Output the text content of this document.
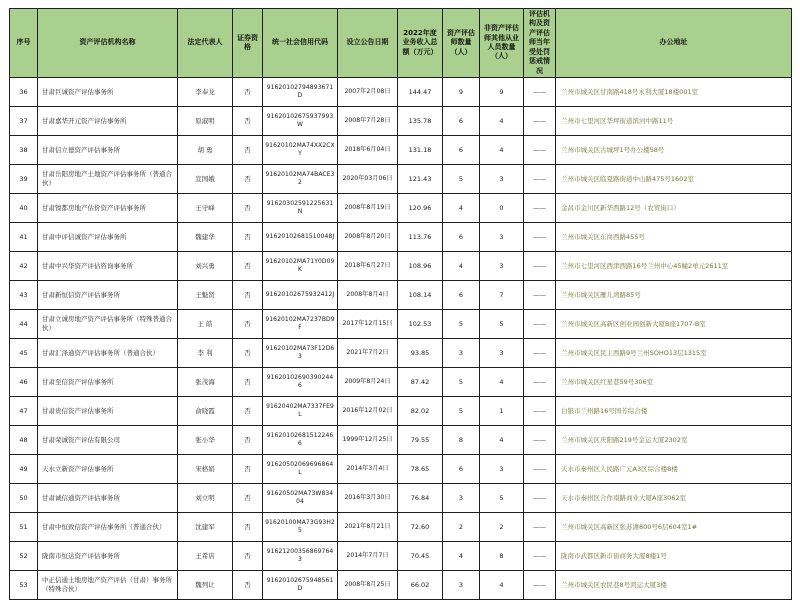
序号	资产评估机构名称	法定代表人	证券资格	统一社会信用代码	设立公告日期	2022年度业务收入总额（万元）	资产评估师数量（人）	非资产评估师其他从业人员数量（人）	评估机构及资产评估师当年受处罚惩戒情况	办公地址
36	甘肃巨诚资产评估事务所	李奉龙	否	91620102794893671D	2007年2月08日	144.47	9	9	——	兰州市城关区甘南路418号永利大厦18楼001室
37	甘肃嘉华开元资产评估事务所	原淑明	否	91620102675937993W	2008年7月28日	135.78	6	4	——	兰州市七里河区华坪街道滨河中路11号
38	甘肃信立德资产评估事务所	胡 勇	否	91620102MA74XX2CXY	2018年6月04日	131.18	6	4	——	兰州市城关区古城坪1号办公楼58号
39	甘肃岳阳房地产土地资产评估事务所（普通合伙）	宣国娥	否	91620102MA74BACE32	2020年03月06日	121.43	5	3	——	兰州市城关区临夏路街道中山路475号1602室
40	甘肃镍都房地产估价资产评估事务所	王守峰	否	91620302591225631N	2008年8月19日	120.96	4	0	——	金昌市金川区新华西路12号（农贸街口）
41	甘肃中评信诚资产评估事务所	魏建华	否	91620102681510048J	2008年8月20日	113.76	6	3	——	兰州市城关区东岗西路455号
42	甘肃中兴华资产评估咨询事务所	刘兴勇	否	91620102MA71Y0D09K	2018年6月27日	108.96	4	3	——	兰州市七里河区西津西路16号兰州中心45幢2单元2611室
43	甘肃新恒信资产评估事务所	王魁贤	否	91620102675932412J	2008年8月4日	108.14	6	7	——	兰州市城关区雁儿湾路85号
44	甘肃立诚房地产资产评估事务所（特殊普通合伙）	王 皓	否	91620102MA7237BD9F	2017年12月15日	102.53	5	5	——	兰州市城关区高新区创业园创新大厦B座1707-B室
45	甘肃汇泽通资产评估事务所（普通合伙）	李 利	否	91620102MA73F12D63	2021年7月2日	93.85	3	3	——	兰州市城关区民主西路9号兰州SOHO13层1315室
46	甘肃至信资产评估事务所	张茂海	否	916201026903902446	2009年8月24日	87.42	5	4	——	兰州市城关区红星巷59号306室
47	甘肃贵信资产评估事务所	俞晓霞	否	91620402MA7337FE9L	2016年12月02日	82.02	5	1	——	白银市兰州路16号国芳综合楼
48	甘肃荣诚资产评估有限公司	张小华	否	916201026815122466	1999年12月25日	79.55	8	4	——	兰州市城关区庆阳路219号金运大厦2302室
49	天水立新资产评估事务所	宋格娟	否	91620502069696864L	2014年3月4日	78.65	6	3	——	天水市秦州区人民路广元A3区综合楼8楼
50	甘肃诚信通资产评估事务所	刘立明	否	91620502MA73W83404	2016年3月30日	76.84	3	5	——	天水市秦州区合作南路商业大厦A座3062室
51	甘肃中恒致信资产评估事务所（普通合伙）	沈建军	否	91620100MA73G93H25	2021年8月21日	72.60	2	2	——	兰州市城关区高新区张苏滩800号6层604室1#
52	陇南市恒达资产评估事务所	王希店	否	916212003568697643	2014年7月7日	70.45	4	8	——	陇南市武都区新市街商务大厦8楼1号
53	中正信通土地房地产资产评估（甘肃）事务所（特殊合伙）	魏列让	否	91620102675948561D	2008年8月25日	66.02	3	4	——	兰州市城关区农民巷8号鸿运大厦3楼
